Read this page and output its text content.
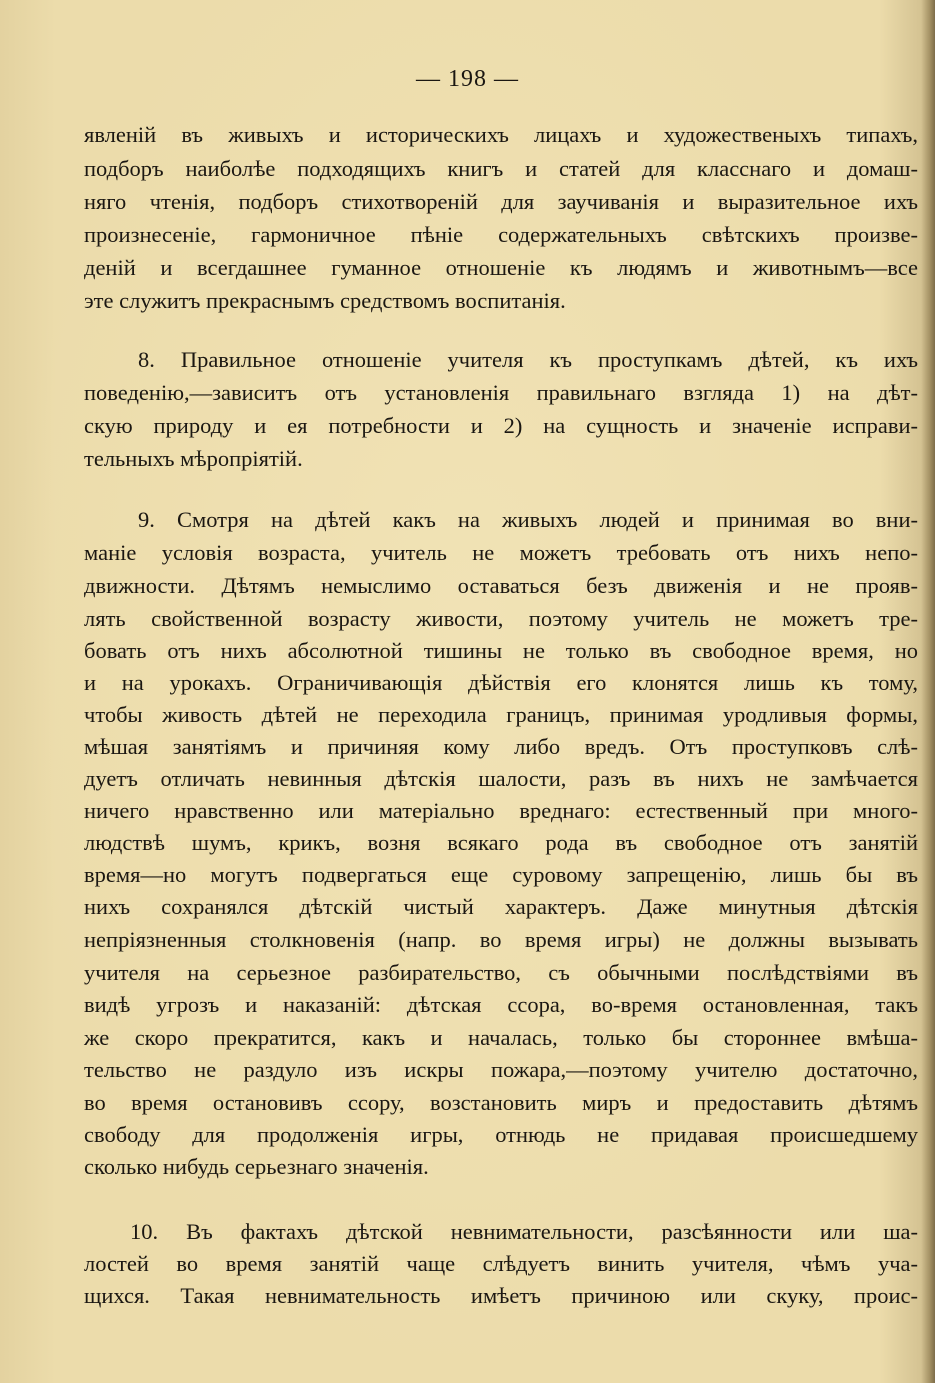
— 198 —
явленій въ живыхъ и историческихъ лицахъ и художественыхъ типахъ,
подборъ наиболѣе подходящихъ книгъ и статей для класснаго и домаш-
няго чтенія, подборъ стихотвореній для заучиванія и выразительное ихъ
произнесеніе, гармоничное пѣніе содержательныхъ свѣтскихъ произве-
деній и всегдашнее гуманное отношеніе къ людямъ и животнымъ—все
эте служитъ прекраснымъ средствомъ воспитанія.
8. Правильное отношеніе учителя къ проступкамъ дѣтей, къ ихъ
поведенію,—зависитъ отъ установленія правильнаго взгляда 1) на дѣт-
скую природу и ея потребности и 2) на сущность и значеніе исправи-
тельныхъ мѣропріятій.
9. Смотря на дѣтей какъ на живыхъ людей и принимая во вни-
маніе условія возраста, учитель не можетъ требовать отъ нихъ непо-
движности. Дѣтямъ немыслимо оставаться безъ движенія и не прояв-
лять свойственной возрасту живости, поэтому учитель не можетъ тре-
бовать отъ нихъ абсолютной тишины не только въ свободное время, но
и на урокахъ. Ограничивающія дѣйствія его клонятся лишь къ тому,
чтобы живость дѣтей не переходила границъ, принимая уродливыя формы,
мѣшая занятіямъ и причиняя кому либо вредъ. Отъ проступковъ слѣ-
дуетъ отличать невинныя дѣтскія шалости, разъ въ нихъ не замѣчается
ничего нравственно или матеріально вреднаго: естественный при много-
людствѣ шумъ, крикъ, возня всякаго рода въ свободное отъ занятій
время—но могутъ подвергаться еще суровому запрещенію, лишь бы въ
нихъ сохранялся дѣтскій чистый характеръ. Даже минутныя дѣтскія
непріязненныя столкновенія (напр. во время игры) не должны вызывать
учителя на серьезное разбирательство, съ обычными послѣдствіями въ
видѣ угрозъ и наказаній: дѣтская ссора, во-время остановленная, такъ
же скоро прекратится, какъ и началась, только бы стороннее вмѣша-
тельство не раздуло изъ искры пожара,—поэтому учителю достаточно,
во время остановивъ ссору, возстановить миръ и предоставить дѣтямъ
свободу для продолженія игры, отнюдь не придавая происшедшему
сколько нибудь серьезнаго значенія.
10. Въ фактахъ дѣтской невнимательности, разсѣянности или ша-
лостей во время занятій чаще слѣдуетъ винить учителя, чѣмъ уча-
щихся. Такая невнимательность имѣетъ причиною или скуку, проис-
